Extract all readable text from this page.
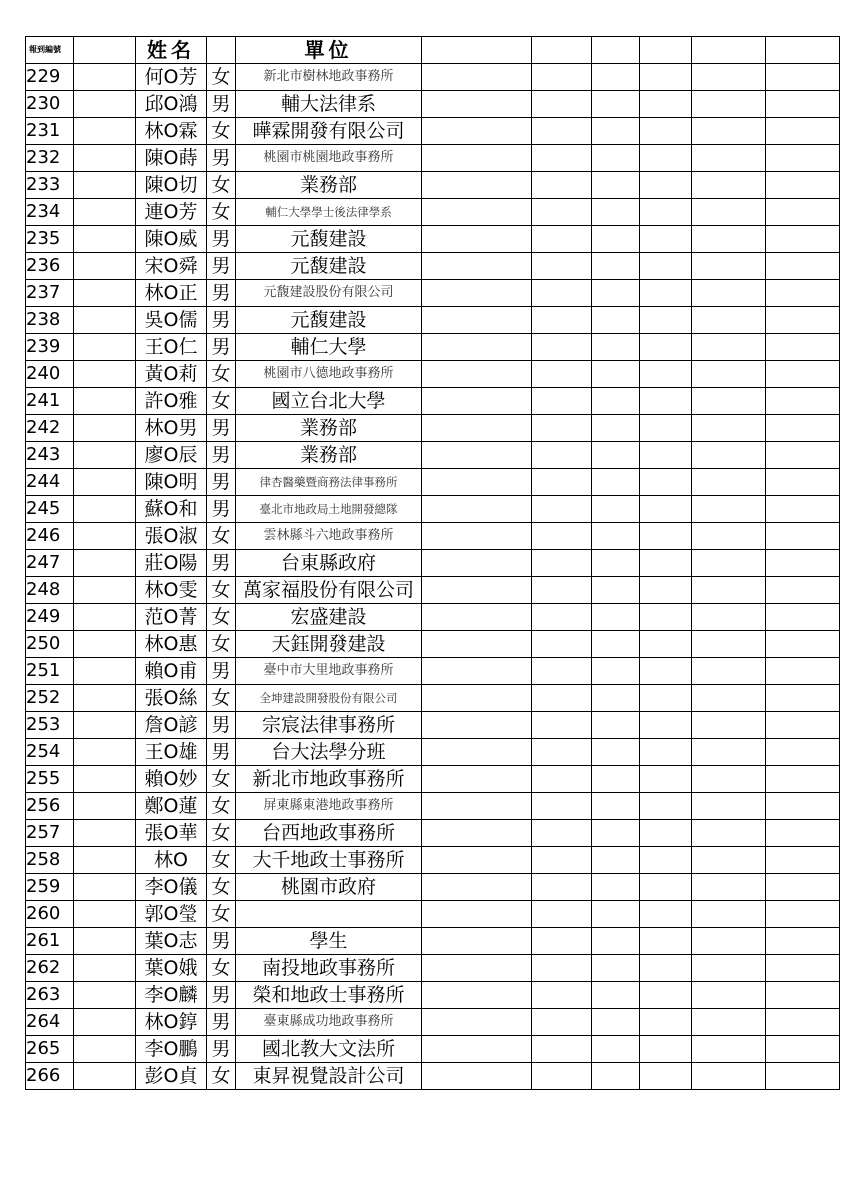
報到編號		姓名		單位						
229		何O芳	女	新北市樹林地政事務所						
230		邱O鴻	男	輔大法律系						
231		林O霖	女	曄霖開發有限公司						
232		陳O蒔	男	桃園市桃園地政事務所						
233		陳O切	女	業務部						
234		連O芳	女	輔仁大學學士後法律學系						
235		陳O威	男	元馥建設						
236		宋O舜	男	元馥建設						
237		林O正	男	元馥建設股份有限公司						
238		吳O儒	男	元馥建設						
239		王O仁	男	輔仁大學						
240		黃O莉	女	桃園市八德地政事務所						
241		許O雅	女	國立台北大學						
242		林O男	男	業務部						
243		廖O辰	男	業務部						
244		陳O明	男	律杏醫藥暨商務法律事務所						
245		蘇O和	男	臺北市地政局土地開發總隊						
246		張O淑	女	雲林縣斗六地政事務所						
247		莊O陽	男	台東縣政府						
248		林O雯	女	萬家福股份有限公司						
249		范O菁	女	宏盛建設						
250		林O惠	女	天鈺開發建設						
251		賴O甫	男	臺中市大里地政事務所						
252		張O絲	女	全坤建設開發股份有限公司						
253		詹O諺	男	宗宸法律事務所						
254		王O雄	男	台大法學分班						
255		賴O妙	女	新北市地政事務所						
256		鄭O蓮	女	屏東縣東港地政事務所						
257		張O華	女	台西地政事務所						
258		林O	女	大千地政士事務所						
259		李O儀	女	桃園市政府						
260		郭O瑩	女							
261		葉O志	男	學生						
262		葉O娥	女	南投地政事務所						
263		李O麟	男	榮和地政士事務所						
264		林O錞	男	臺東縣成功地政事務所						
265		李O鵬	男	國北教大文法所						
266		彭O貞	女	東昇視覺設計公司						
